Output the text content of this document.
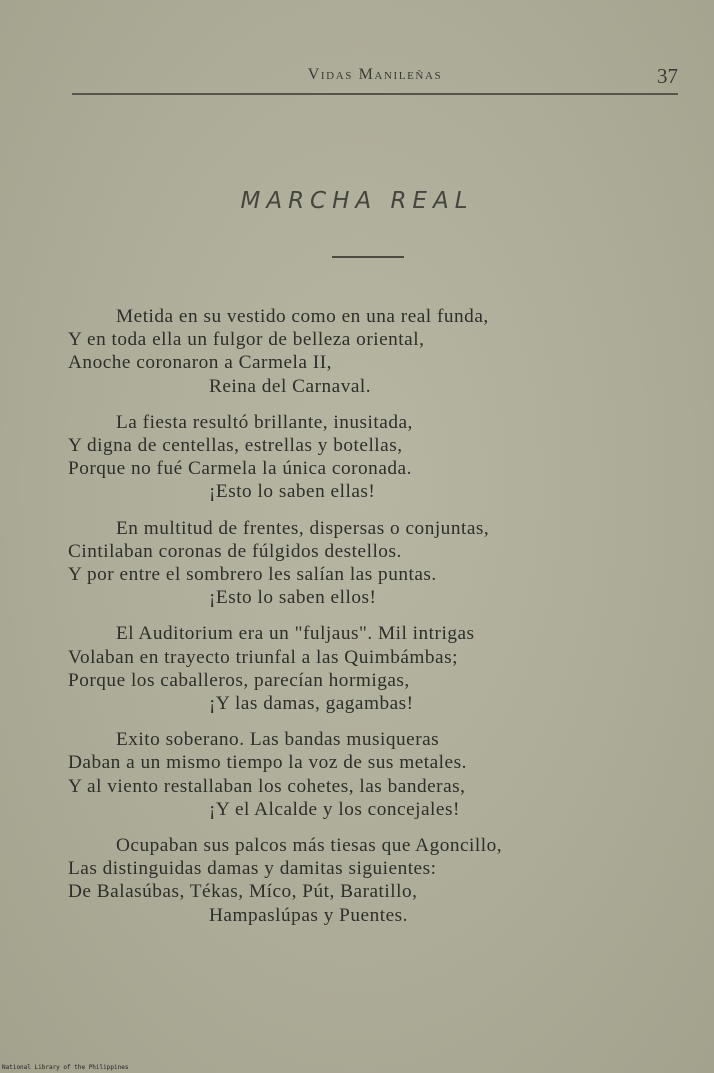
Vidas Manileñas	37
MARCHA REAL
Metida en su vestido como en una real funda,
Y en toda ella un fulgor de belleza oriental,
Anoche coronaron a Carmela II,
Reina del Carnaval.
La fiesta resultó brillante, inusitada,
Y digna de centellas, estrellas y botellas,
Porque no fué Carmela la única coronada.
¡Esto lo saben ellas!
En multitud de frentes, dispersas o conjuntas,
Cintilaban coronas de fúlgidos destellos.
Y por entre el sombrero les salían las puntas.
¡Esto lo saben ellos!
El Auditorium era un "fuljaus". Mil intrigas
Volaban en trayecto triunfal a las Quimbámbas;
Porque los caballeros, parecían hormigas,
¡Y las damas, gagambas!
Exito soberano. Las bandas musiqueras
Daban a un mismo tiempo la voz de sus metales.
Y al viento restallaban los cohetes, las banderas,
¡Y el Alcalde y los concejales!
Ocupaban sus palcos más tiesas que Agoncillo,
Las distinguidas damas y damitas siguientes:
De Balasúbas, Tékas, Míco, Pút, Baratillo,
Hampaslúpas y Puentes.
National Library of the Philippines
